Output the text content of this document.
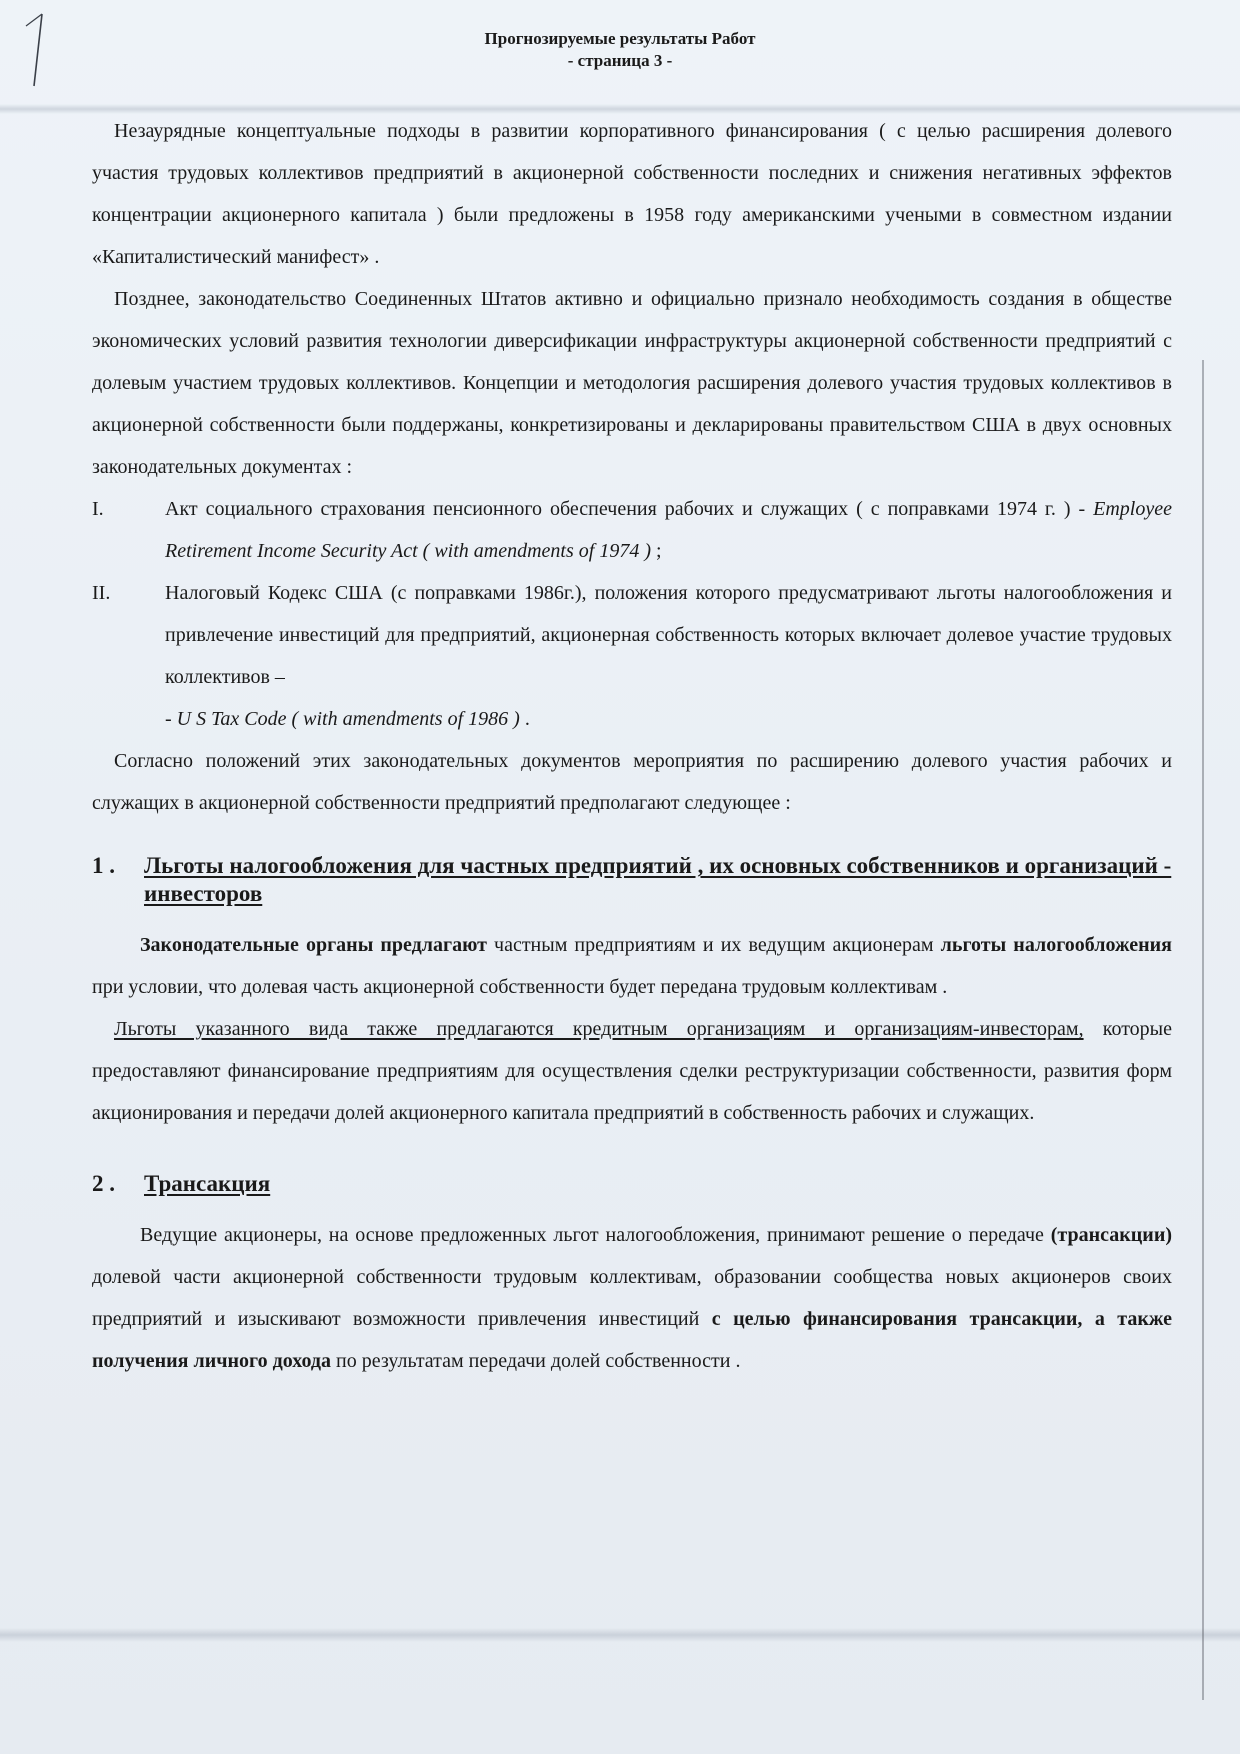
Прогнозируемые результаты Работ
- страница 3 -

Незаурядные концептуальные подходы в развитии корпоративного финансирования ( с целью расширения долевого участия трудовых коллективов предприятий в акционерной собственности последних и снижения негативных эффектов концентрации акционерного капитала ) были предложены в 1958 году американскими учеными в совместном издании «Капиталистический манифест» .

Позднее, законодательство Соединенных Штатов активно и официально признало необходимость создания в обществе экономических условий развития технологии диверсификации инфраструктуры акционерной собственности предприятий с долевым участием трудовых коллективов. Концепции и методология расширения долевого участия трудовых коллективов в акционерной собственности были поддержаны, конкретизированы и декларированы правительством США в двух основных законодательных документах :

I.	Акт социального страхования пенсионного обеспечения рабочих и служащих ( с поправками 1974 г. ) - Employee Retirement Income Security Act ( with amendments of 1974 ) ;
II.	Налоговый Кодекс США (с поправками 1986г.), положения которого предусматривают льготы налогообложения и привлечение инвестиций для предприятий, акционерная собственность которых включает долевое участие трудовых коллективов –
- U S Tax Code ( with amendments of 1986 ) .

Согласно положений этих законодательных документов мероприятия по расширению долевого участия рабочих и служащих в акционерной собственности предприятий предполагают следующее :

1 .	Льготы налогообложения для частных предприятий , их основных собственников и организаций - инвесторов

Законодательные органы предлагают частным предприятиям и их ведущим акционерам льготы налогообложения при условии, что долевая часть акционерной собственности будет передана трудовым коллективам .

Льготы указанного вида также предлагаются кредитным организациям и организациям-инвесторам, которые предоставляют финансирование предприятиям для осуществления сделки реструктуризации собственности, развития форм акционирования и передачи долей акционерного капитала предприятий в собственность рабочих и служащих.

2 .	Трансакция

Ведущие акционеры, на основе предложенных льгот налогообложения, принимают решение о передаче (трансакции) долевой части акционерной собственности трудовым коллективам, образовании сообщества новых акционеров своих предприятий и изыскивают возможности привлечения инвестиций с целью финансирования трансакции, а также получения личного дохода по результатам передачи долей собственности .
